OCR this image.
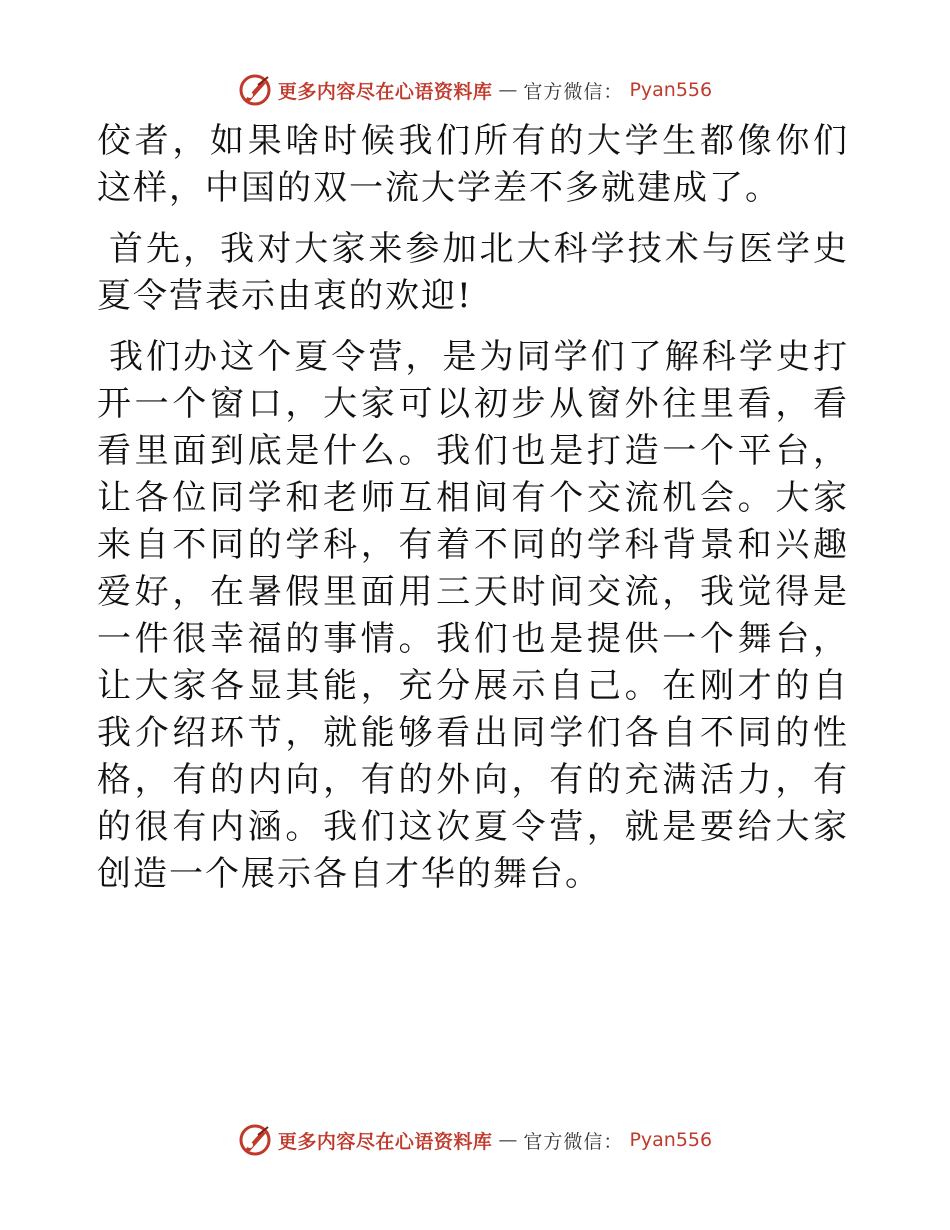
更多内容尽在心语资料库 — 官方微信： Pyan556

佼者，如果啥时候我们所有的大学生都像你们这样，中国的双一流大学差不多就建成了。

首先，我对大家来参加北大科学技术与医学史夏令营表示由衷的欢迎!

我们办这个夏令营，是为同学们了解科学史打开一个窗口，大家可以初步从窗外往里看，看看里面到底是什么。我们也是打造一个平台，让各位同学和老师互相间有个交流机会。大家来自不同的学科，有着不同的学科背景和兴趣爱好，在暑假里面用三天时间交流，我觉得是一件很幸福的事情。我们也是提供一个舞台，让大家各显其能，充分展示自己。在刚才的自我介绍环节，就能够看出同学们各自不同的性格，有的内向，有的外向，有的充满活力，有的很有内涵。我们这次夏令营，就是要给大家创造一个展示各自才华的舞台。

更多内容尽在心语资料库 — 官方微信： Pyan556
